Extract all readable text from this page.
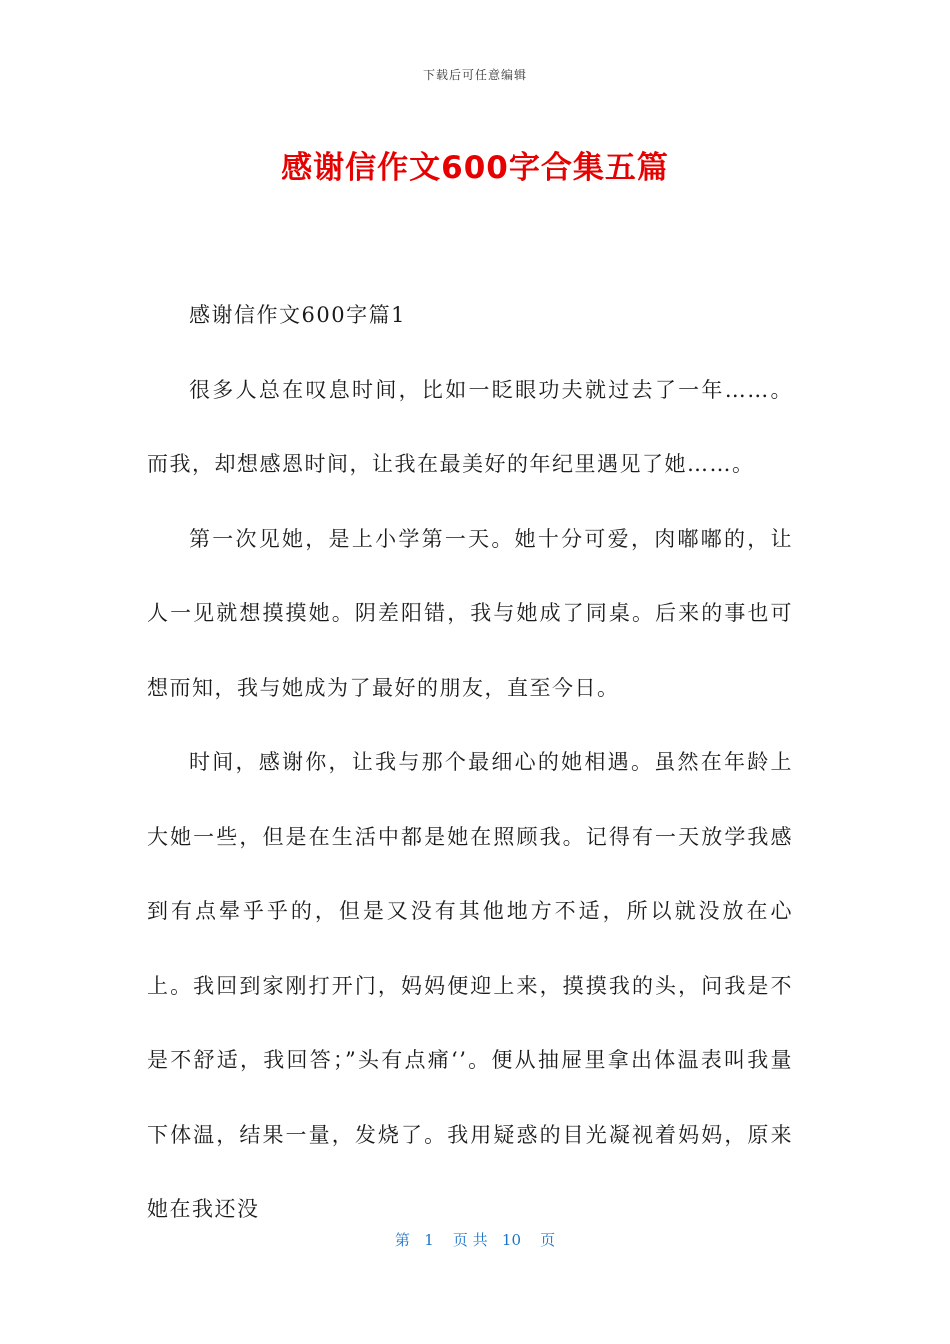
下载后可任意编辑
感谢信作文600字合集五篇

感谢信作文600字篇1

很多人总在叹息时间，比如一眨眼功夫就过去了一年……。而我，却想感恩时间，让我在最美好的年纪里遇见了她……。

第一次见她，是上小学第一天。她十分可爱，肉嘟嘟的，让人一见就想摸摸她。阴差阳错，我与她成了同桌。后来的事也可想而知，我与她成为了最好的朋友，直至今日。

时间，感谢你，让我与那个最细心的她相遇。虽然在年龄上大她一些，但是在生活中都是她在照顾我。记得有一天放学我感到有点晕乎乎的，但是又没有其他地方不适，所以就没放在心上。我回到家刚打开门，妈妈便迎上来，摸摸我的头，问我是不是不舒适，我回答；”头有点痛‘’。便从抽屉里拿出体温表叫我量下体温，结果一量，发烧了。我用疑惑的目光凝视着妈妈，原来她在我还没

第 1 页 共 10 页
